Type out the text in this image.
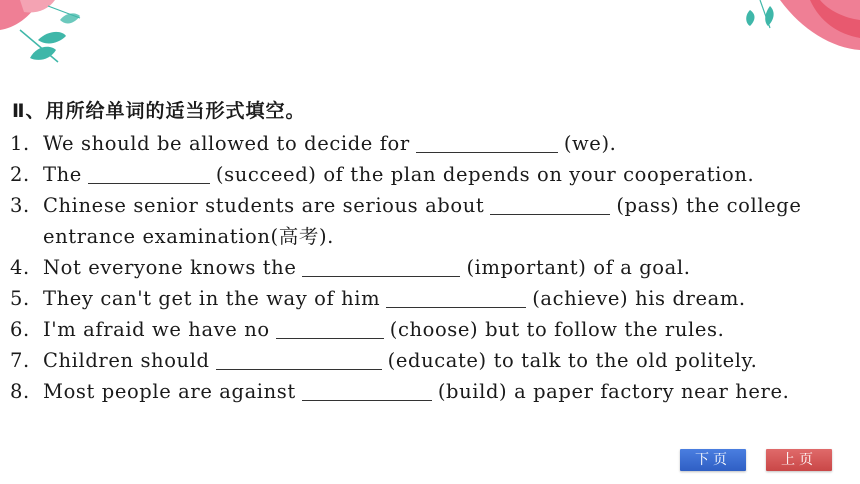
Ⅱ、用所给单词的适当形式填空。
1. We should be allowed to decide for	(we).
2. The	(succeed) of the plan depends on your cooperation.
3. Chinese senior students are serious about	(pass) the college entrance examination(高考).
4. Not everyone knows the	(important) of a goal.
5. They can't get in the way of him	(achieve) his dream.
6. I'm afraid we have no	(choose) but to follow the rules.
7. Children should	(educate) to talk to the old politely.
8. Most people are against	(build) a paper factory near here.
下页	上页
